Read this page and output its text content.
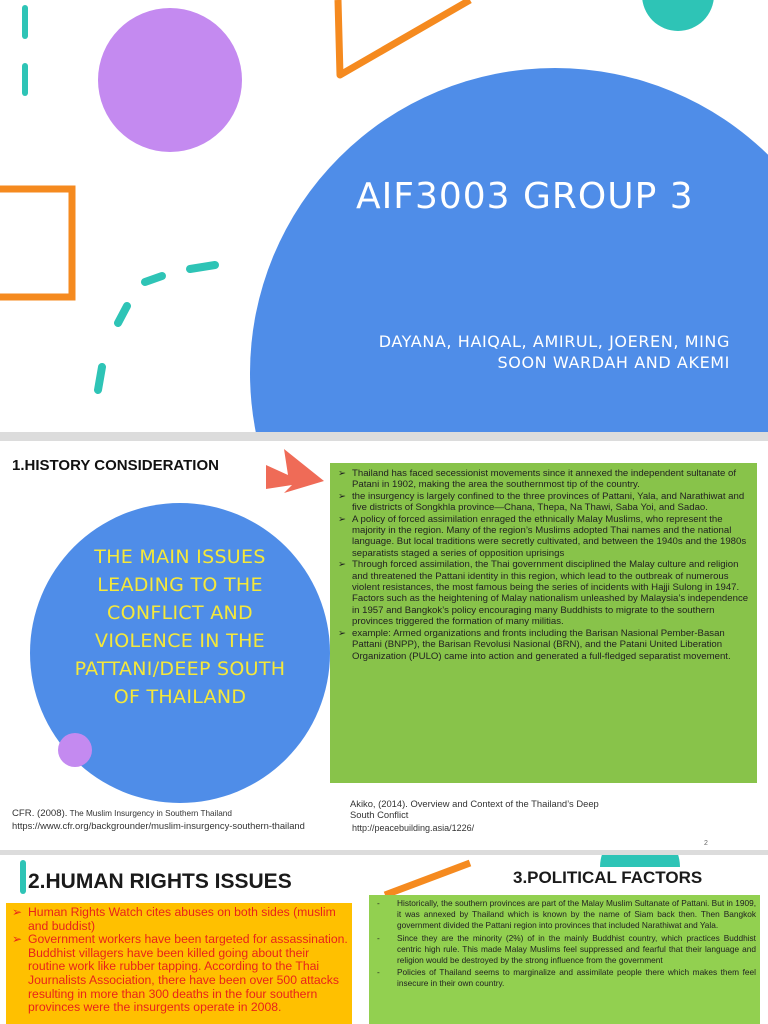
AIF3003 GROUP 3
DAYANA, HAIQAL, AMIRUL, JOEREN, MING
SOON WARDAH AND AKEMI
1.HISTORY CONSIDERATION
THE MAIN ISSUES LEADING TO THE CONFLICT AND VIOLENCE IN THE PATTANI/DEEP SOUTH OF THAILAND
➢ Thailand has faced secessionist movements since it annexed the independent sultanate of Patani in 1902, making the area the southernmost tip of the country.
➢ the insurgency is largely confined to the three provinces of Pattani, Yala, and Narathiwat and five districts of Songkhla province—Chana, Thepa, Na Thawi, Saba Yoi, and Sadao.
➢ A policy of forced assimilation enraged the ethnically Malay Muslims, who represent the majority in the region. Many of the region’s Muslims adopted Thai names and the national language. But local traditions were secretly cultivated, and between the 1940s and the 1980s separatists staged a series of opposition uprisings
➢ Through forced assimilation, the Thai government disciplined the Malay culture and religion and threatened the Pattani identity in this region, which lead to the outbreak of numerous violent resistances, the most famous being the series of incidents with Hajji Sulong in 1947. Factors such as the heightening of Malay nationalism unleashed by Malaysia’s independence in 1957 and Bangkok’s policy encouraging many Buddhists to migrate to the southern provinces triggered the formation of many militias.
➢ example: Armed organizations and fronts including the Barisan Nasional Pember-Basan Pattani (BNPP), the Barisan Revolusi Nasional (BRN), and the Patani United Liberation Organization (PULO) came into action and generated a full-fledged separatist movement.
CFR. (2008). The Muslim Insurgency in Southern Thailand
https://www.cfr.org/backgrounder/muslim-insurgency-southern-thailand
Akiko, (2014). Overview and Context of the Thailand’s Deep
South Conflict
http://peacebuilding.asia/1226/
2
2.HUMAN RIGHTS ISSUES	3.POLITICAL FACTORS
➢ Human Rights Watch cites abuses on both sides (muslim and buddist)
➢ Government workers have been targeted for assassination. Buddhist villagers have been killed going about their routine work like rubber tapping. According to the Thai Journalists Association, there have been over 500 attacks resulting in more than 300 deaths in the four southern provinces were the insurgents operate in 2008.
- Historically, the southern provinces are part of the Malay Muslim Sultanate of Pattani. But in 1909, it was annexed by Thailand which is known by the name of Siam back then. Then Bangkok government divided the Pattani region into provinces that included Narathiwat and Yala.
- Since they are the minority (2%) of in the mainly Buddhist country, which practices Buddhist centric high rule. This made Malay Muslims feel suppressed and fearful that their language and religion would be destroyed by the strong influence from the government
- Policies of Thailand seems to marginalize and assimilate people there which makes them feel insecure in their own country.
